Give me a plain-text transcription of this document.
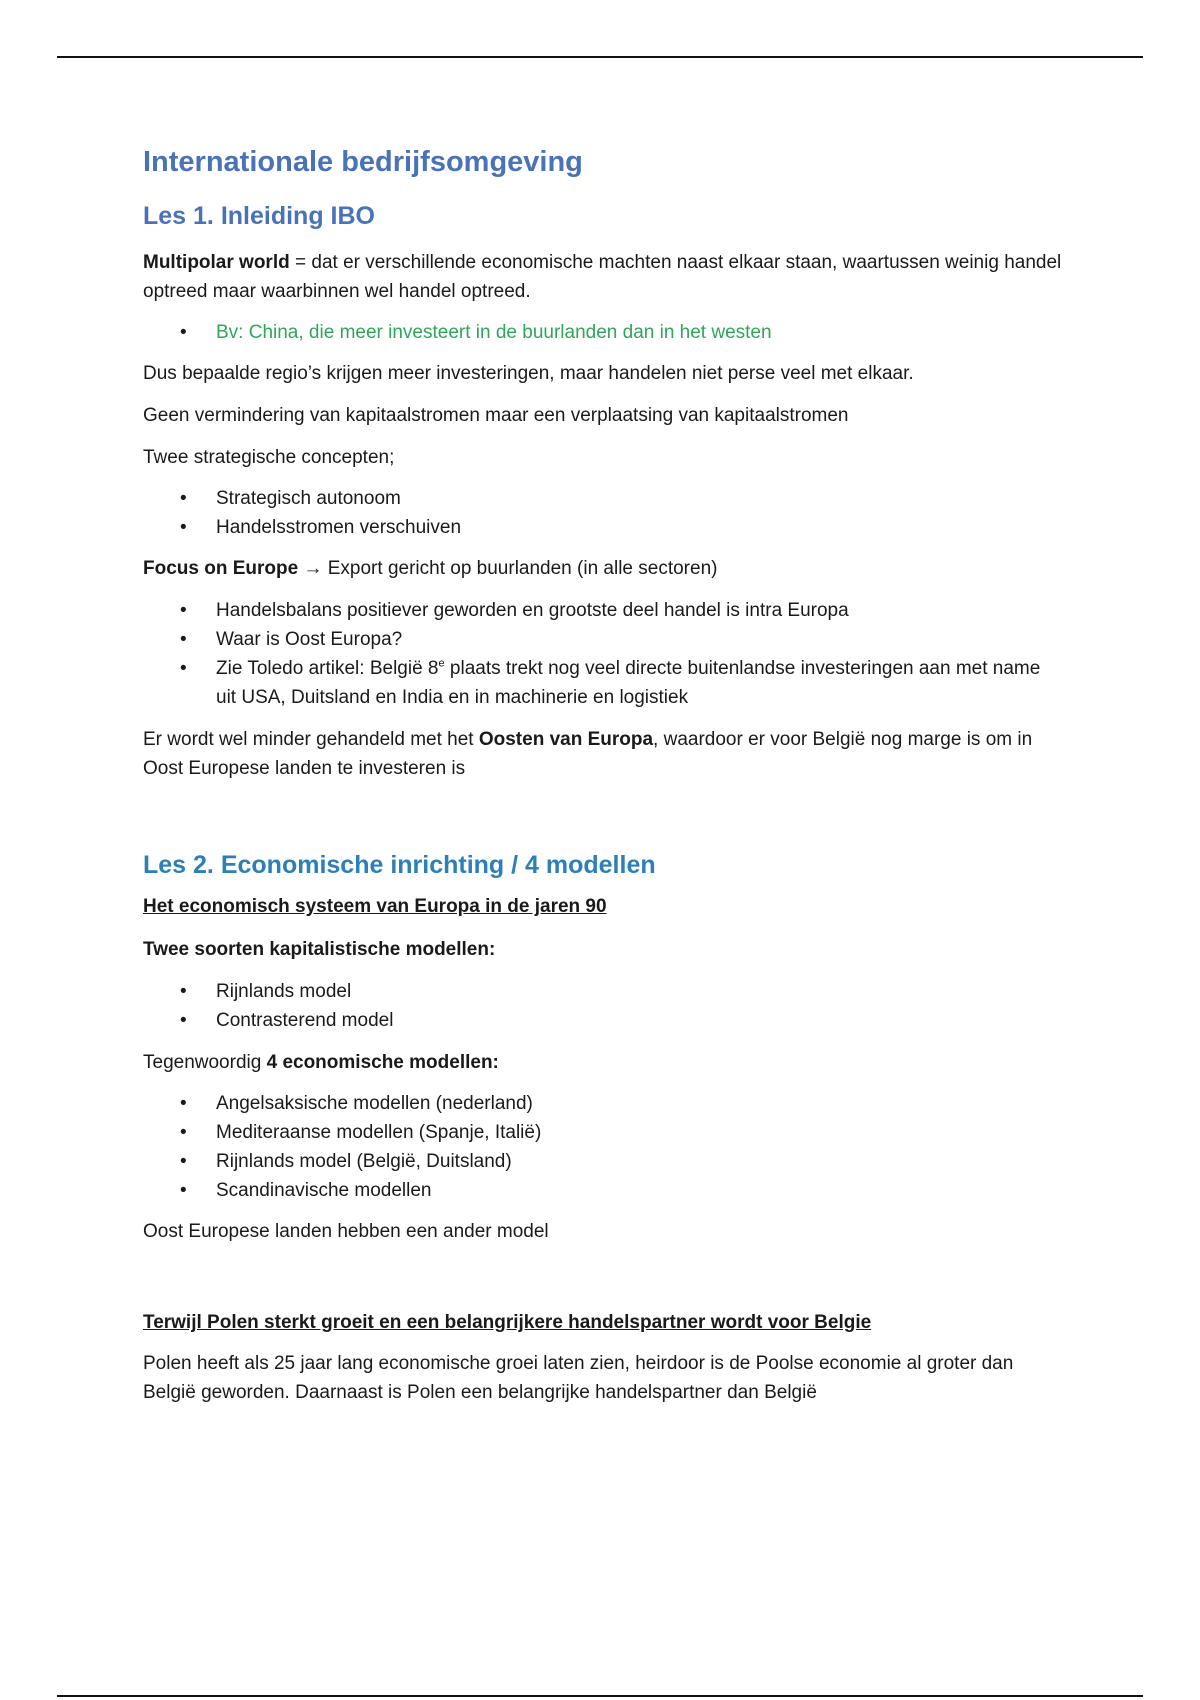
Internationale bedrijfsomgeving
Les 1. Inleiding IBO

Multipolar world = dat er verschillende economische machten naast elkaar staan, waartussen weinig handel optreed maar waarbinnen wel handel optreed.

• Bv: China, die meer investeert in de buurlanden dan in het westen

Dus bepaalde regio’s krijgen meer investeringen, maar handelen niet perse veel met elkaar.

Geen vermindering van kapitaalstromen maar een verplaatsing van kapitaalstromen

Twee strategische concepten;

• Strategisch autonoom
• Handelsstromen verschuiven

Focus on Europe → Export gericht op buurlanden (in alle sectoren)

• Handelsbalans positiever geworden en grootste deel handel is intra Europa
• Waar is Oost Europa?
• Zie Toledo artikel: België 8e plaats trekt nog veel directe buitenlandse investeringen aan met name uit USA, Duitsland en India en in machinerie en logistiek

Er wordt wel minder gehandeld met het Oosten van Europa, waardoor er voor België nog marge is om in Oost Europese landen te investeren is

Les 2. Economische inrichting / 4 modellen

Het economisch systeem van Europa in de jaren 90

Twee soorten kapitalistische modellen:

• Rijnlands model
• Contrasterend model

Tegenwoordig 4 economische modellen:

• Angelsaksische modellen (nederland)
• Mediteraanse modellen (Spanje, Italië)
• Rijnlands model (België, Duitsland)
• Scandinavische modellen

Oost Europese landen hebben een ander model

Terwijl Polen sterkt groeit en een belangrijkere handelspartner wordt voor Belgie

Polen heeft als 25 jaar lang economische groei laten zien, heirdoor is de Poolse economie al groter dan België geworden. Daarnaast is Polen een belangrijke handelspartner dan België
